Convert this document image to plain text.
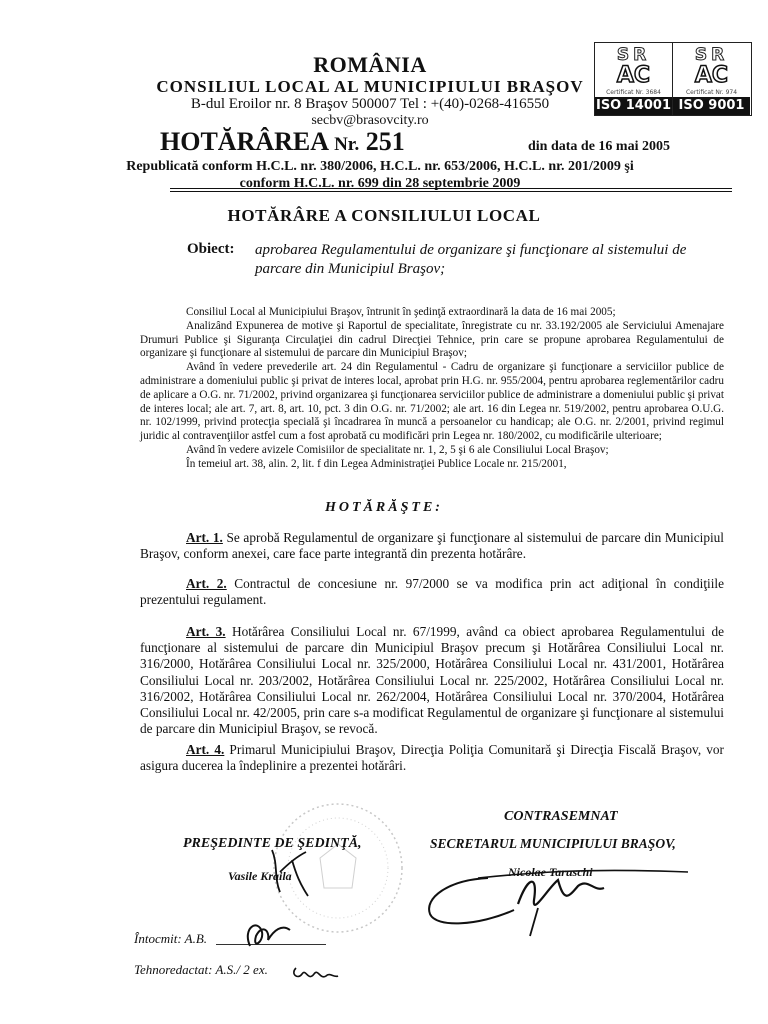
ROMÂNIA
CONSILIUL LOCAL AL MUNICIPIULUI BRAŞOV
B-dul Eroilor nr. 8 Braşov 500007 Tel : +(40)-0268-416550
secbv@brasovcity.ro
SR
AC
Certificat Nr. 3684
ISO 14001
SR
AC
Certificat Nr. 974
ISO 9001
HOTĂRÂREA Nr. 251	din data de 16 mai 2005
Republicată conform H.C.L. nr. 380/2006, H.C.L. nr. 653/2006, H.C.L. nr. 201/2009 şi
conform H.C.L. nr. 699 din 28 septembrie 2009
HOTĂRÂRE A CONSILIULUI LOCAL
Obiect: aprobarea Regulamentului de organizare şi funcţionare al sistemului de parcare din Municipiul Braşov;

Consiliul Local al Municipiului Braşov, întrunit în şedinţă extraordinară la data de 16 mai 2005;

Analizând Expunerea de motive şi Raportul de specialitate, înregistrate cu nr. 33.192/2005 ale Serviciului Amenajare Drumuri Publice şi Siguranţa Circulaţiei din cadrul Direcţiei Tehnice, prin care se propune aprobarea Regulamentului de organizare şi funcţionare al sistemului de parcare din Municipiul Braşov;

Având în vedere prevederile art. 24 din Regulamentul - Cadru de organizare şi funcţionare a serviciilor publice de administrare a domeniului public şi privat de interes local, aprobat prin H.G. nr. 955/2004, pentru aprobarea reglementărilor cadru de aplicare a O.G. nr. 71/2002, privind organizarea şi funcţionarea serviciilor publice de administrare a domeniului public şi privat de interes local; ale art. 7, art. 8, art. 10, pct. 3 din O.G. nr. 71/2002; ale art. 16 din Legea nr. 519/2002, pentru aprobarea O.U.G. nr. 102/1999, privind protecţia specială şi încadrarea în muncă a persoanelor cu handicap; ale O.G. nr. 2/2001, privind regimul juridic al contravenţiilor astfel cum a fost aprobată cu modificări prin Legea nr. 180/2002, cu modificările ulterioare;

Având în vedere avizele Comisiilor de specialitate nr. 1, 2, 5 şi 6 ale Consiliului Local Braşov;

În temeiul art. 38, alin. 2, lit. f din Legea Administraţiei Publice Locale nr. 215/2001,

HOTĂRĂŞTE:

Art. 1. Se aprobă Regulamentul de organizare şi funcţionare al sistemului de parcare din Municipiul Braşov, conform anexei, care face parte integrantă din prezenta hotărâre.

Art. 2. Contractul de concesiune nr. 97/2000 se va modifica prin act adiţional în condiţiile prezentului regulament.

Art. 3. Hotărârea Consiliului Local nr. 67/1999, având ca obiect aprobarea Regulamentului de funcţionare al sistemului de parcare din Municipiul Braşov precum şi Hotărârea Consiliului Local nr. 316/2000, Hotărârea Consiliului Local nr. 325/2000, Hotărârea Consiliului Local nr. 431/2001, Hotărârea Consiliului Local nr. 203/2002, Hotărârea Consiliului Local nr. 225/2002, Hotărârea Consiliului Local nr. 316/2002, Hotărârea Consiliului Local nr. 262/2004, Hotărârea Consiliului Local nr. 370/2004, Hotărârea Consiliului Local nr. 42/2005, prin care s-a modificat Regulamentul de organizare şi funcţionare al sistemului de parcare din Municipiul Braşov, se revocă.

Art. 4. Primarul Municipiului Braşov, Direcţia Poliţia Comunitară şi Direcţia Fiscală Braşov, vor asigura ducerea la îndeplinire a prezentei hotărâri.

CONTRASEMNAT
PREŞEDINTE DE ŞEDINŢĂ,	SECRETARUL MUNICIPIULUI BRAŞOV,
Vasile Kraila	Nicolae Taruschi
Întocmit: A.B.
Tehnoredactat: A.S./ 2 ex.
